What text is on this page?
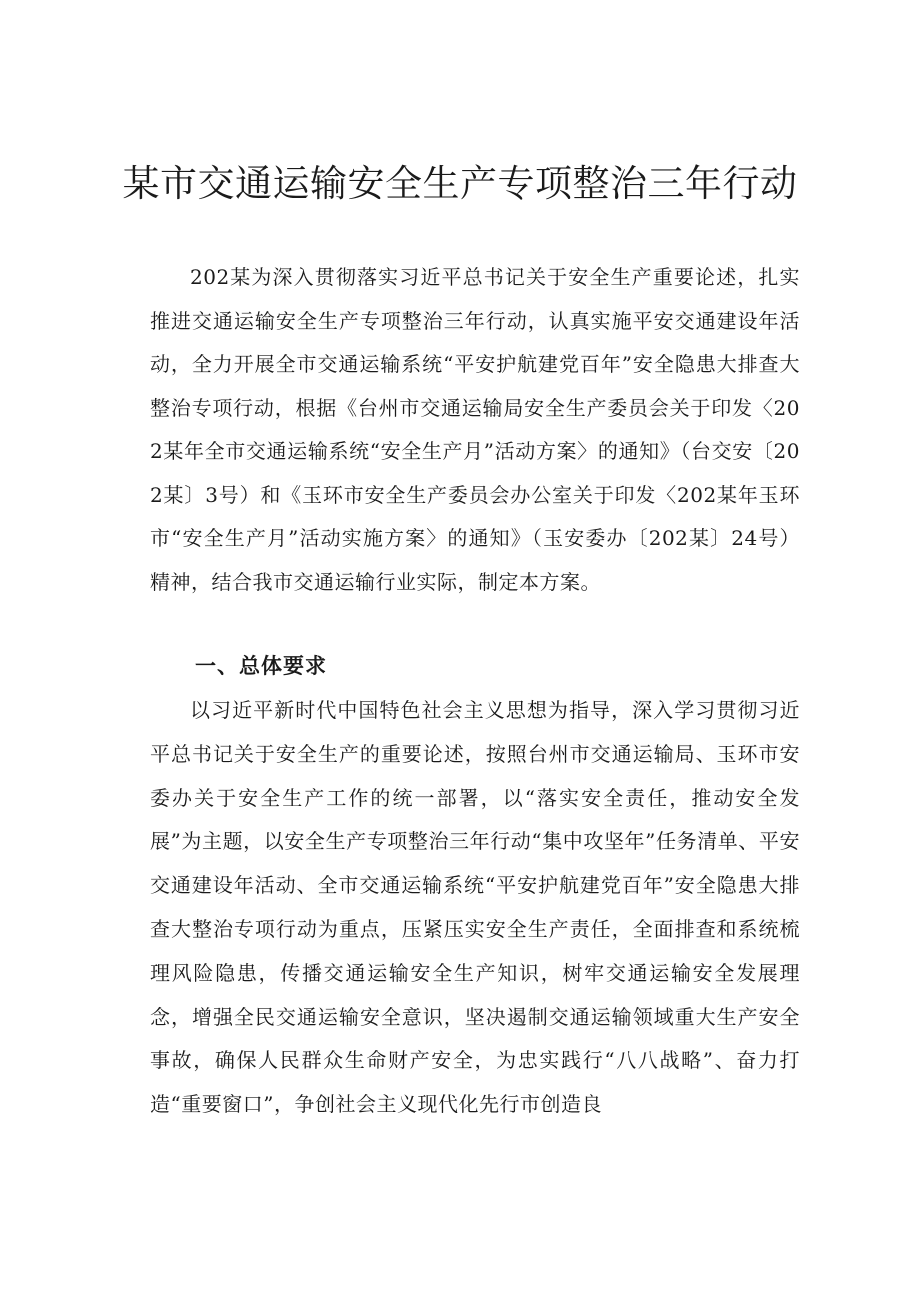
某市交通运输安全生产专项整治三年行动

202某为深入贯彻落实习近平总书记关于安全生产重要论述，扎实推进交通运输安全生产专项整治三年行动，认真实施平安交通建设年活动，全力开展全市交通运输系统“平安护航建党百年”安全隐患大排查大整治专项行动，根据《台州市交通运输局安全生产委员会关于印发〈202某年全市交通运输系统“安全生产月”活动方案〉的通知》（台交安〔202某〕3号）和《玉环市安全生产委员会办公室关于印发〈202某年玉环市“安全生产月”活动实施方案〉的通知》（玉安委办〔202某〕24号）精神，结合我市交通运输行业实际，制定本方案。

一、总体要求

以习近平新时代中国特色社会主义思想为指导，深入学习贯彻习近平总书记关于安全生产的重要论述，按照台州市交通运输局、玉环市安委办关于安全生产工作的统一部署，以“落实安全责任，推动安全发展”为主题，以安全生产专项整治三年行动“集中攻坚年”任务清单、平安交通建设年活动、全市交通运输系统“平安护航建党百年”安全隐患大排查大整治专项行动为重点，压紧压实安全生产责任，全面排查和系统梳理风险隐患，传播交通运输安全生产知识，树牢交通运输安全发展理念，增强全民交通运输安全意识，坚决遏制交通运输领域重大生产安全事故，确保人民群众生命财产安全，为忠实践行“八八战略”、奋力打造“重要窗口”，争创社会主义现代化先行市创造良
